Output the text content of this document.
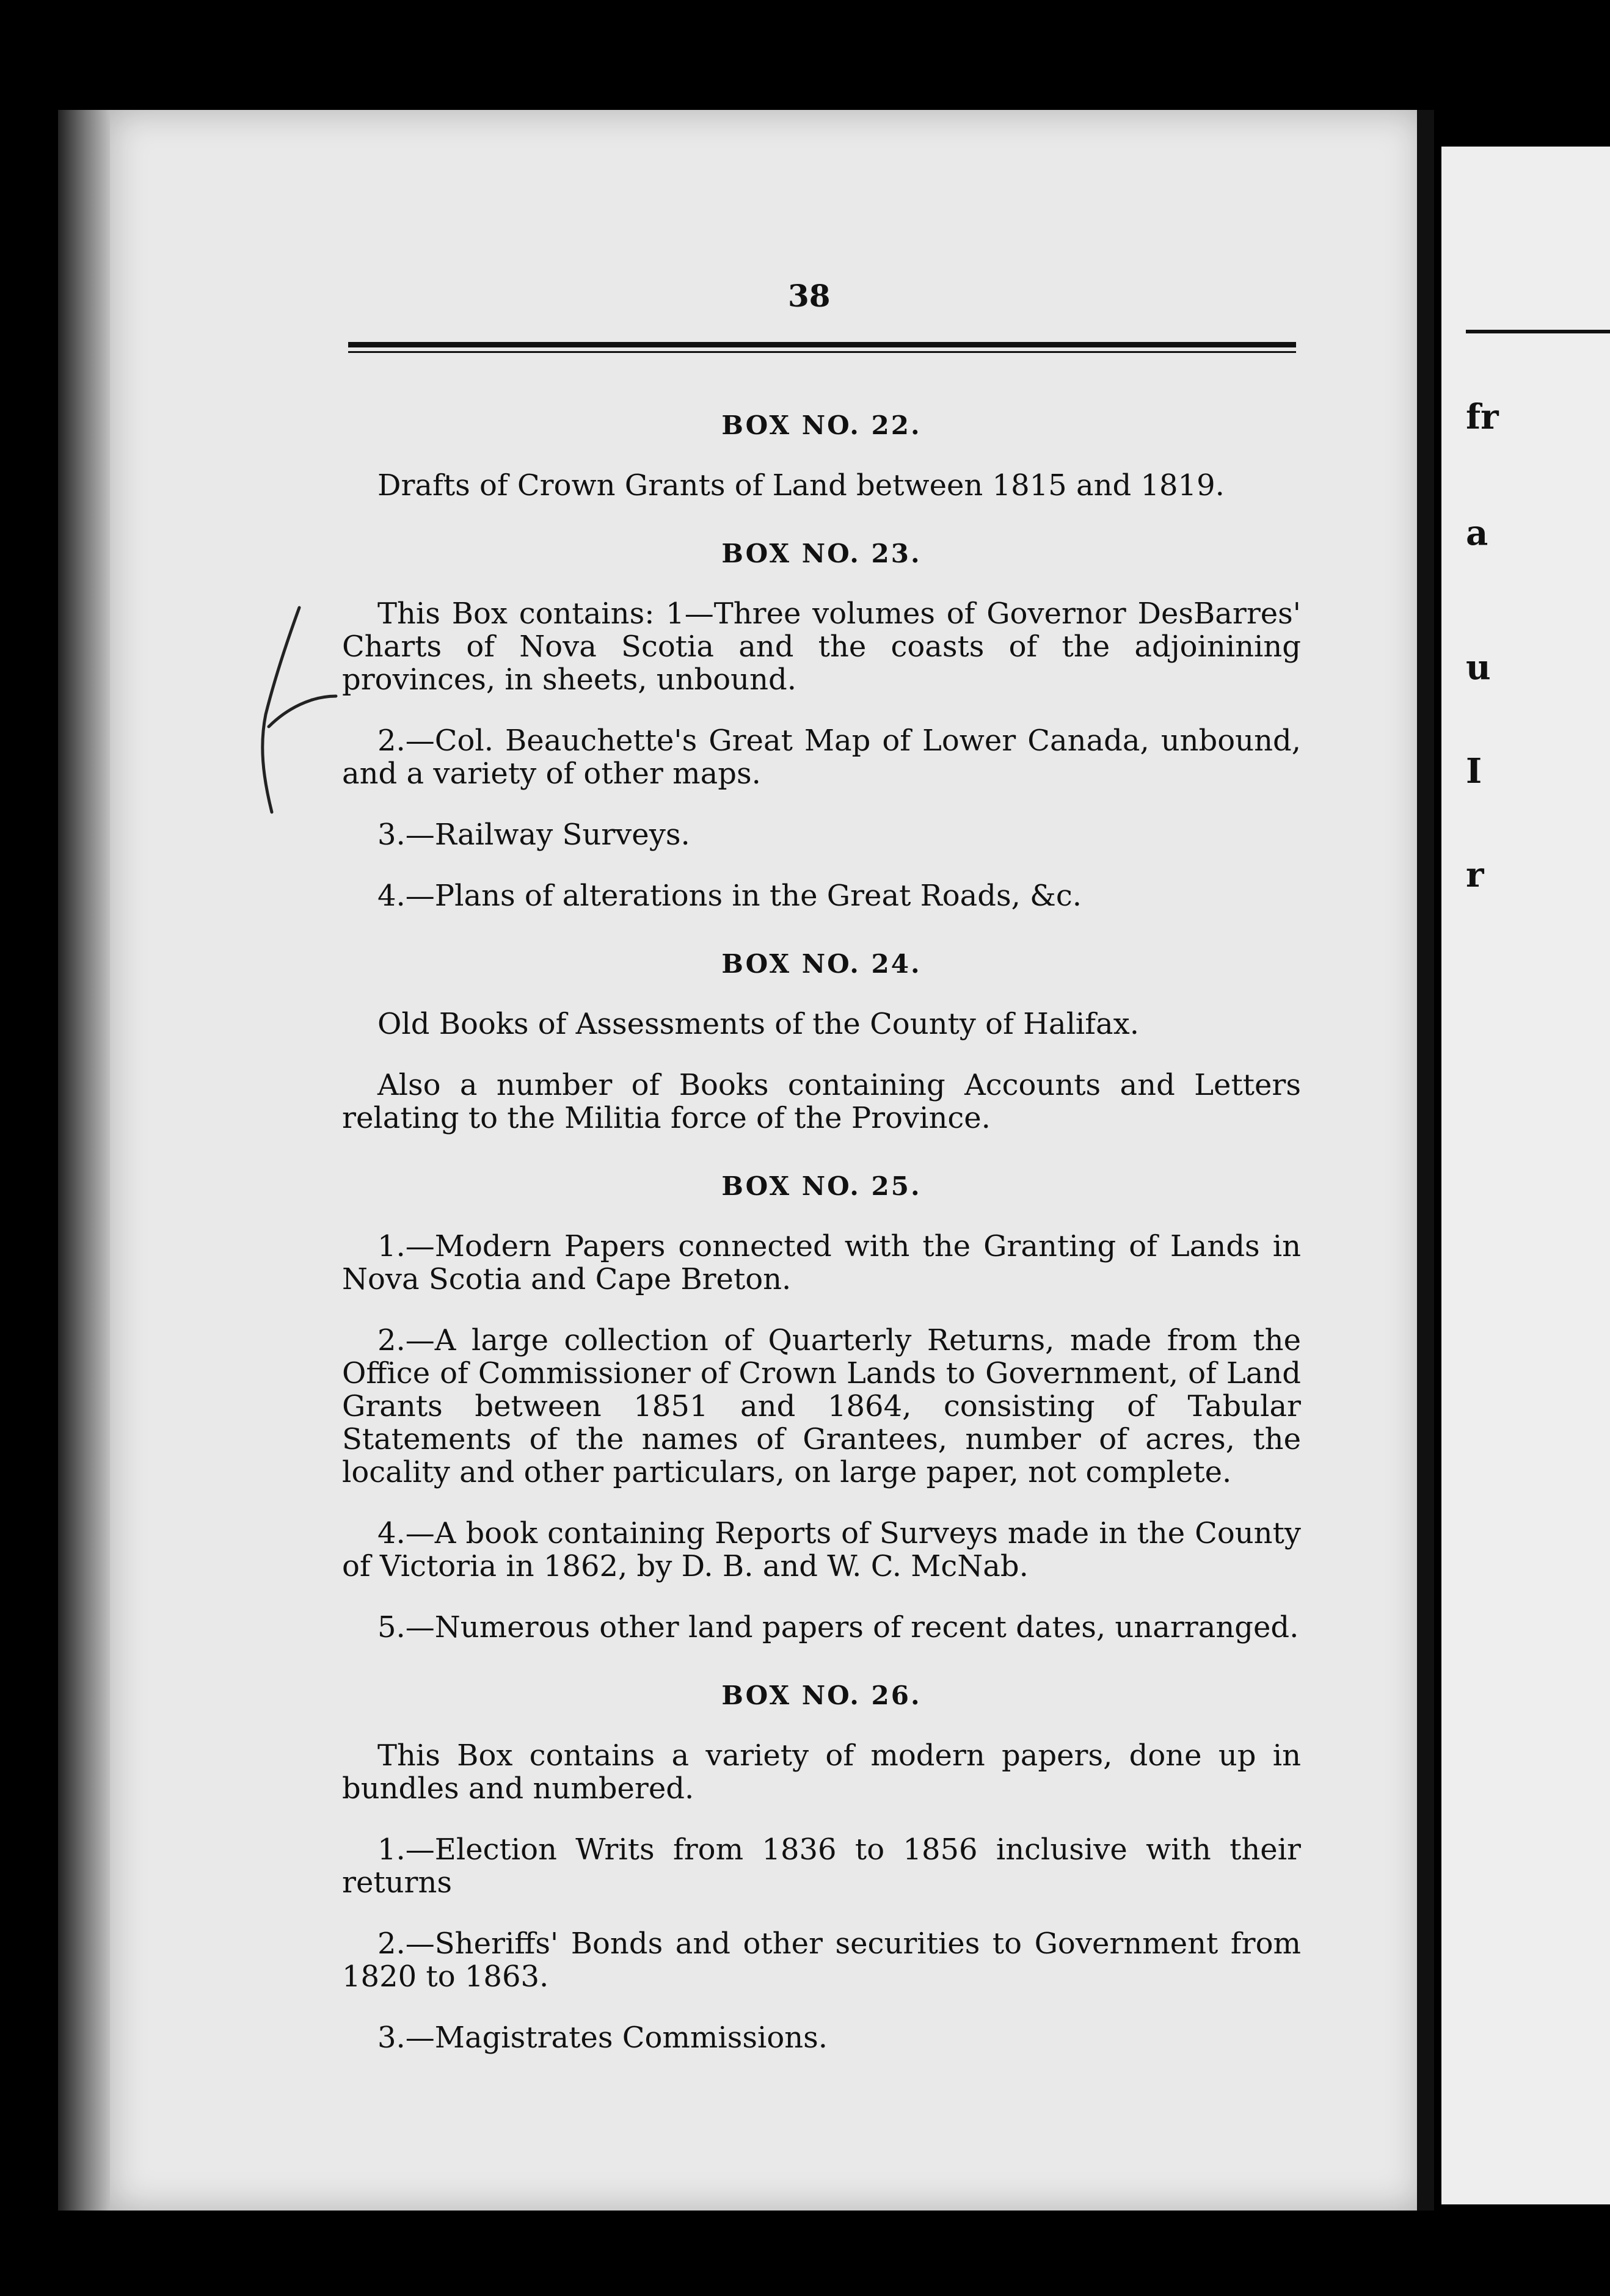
fr
a
u
I
r
38
BOX NO. 22.

Drafts of Crown Grants of Land between 1815 and 1819.

BOX NO. 23.

This Box contains: 1—Three volumes of Governor DesBarres' Charts of Nova Scotia and the coasts of the adjoinining provinces, in sheets, unbound.

2.—Col. Beauchette's Great Map of Lower Canada, unbound, and a variety of other maps.

3.—Railway Surveys.

4.—Plans of alterations in the Great Roads, &c.

BOX NO. 24.

Old Books of Assessments of the County of Halifax.

Also a number of Books containing Accounts and Letters relating to the Militia force of the Province.

BOX NO. 25.

1.—Modern Papers connected with the Granting of Lands in Nova Scotia and Cape Breton.

2.—A large collection of Quarterly Returns, made from the Office of Commissioner of Crown Lands to Government, of Land Grants between 1851 and 1864, consisting of Tabular Statements of the names of Grantees, number of acres, the locality and other particulars, on large paper, not complete.

4.—A book containing Reports of Surveys made in the County of Victoria in 1862, by D. B. and W. C. McNab.

5.—Numerous other land papers of recent dates, unarranged.

BOX NO. 26.

This Box contains a variety of modern papers, done up in bundles and numbered.

1.—Election Writs from 1836 to 1856 inclusive with their returns

2.—Sheriffs' Bonds and other securities to Government from 1820 to 1863.

3.—Magistrates Commissions.
